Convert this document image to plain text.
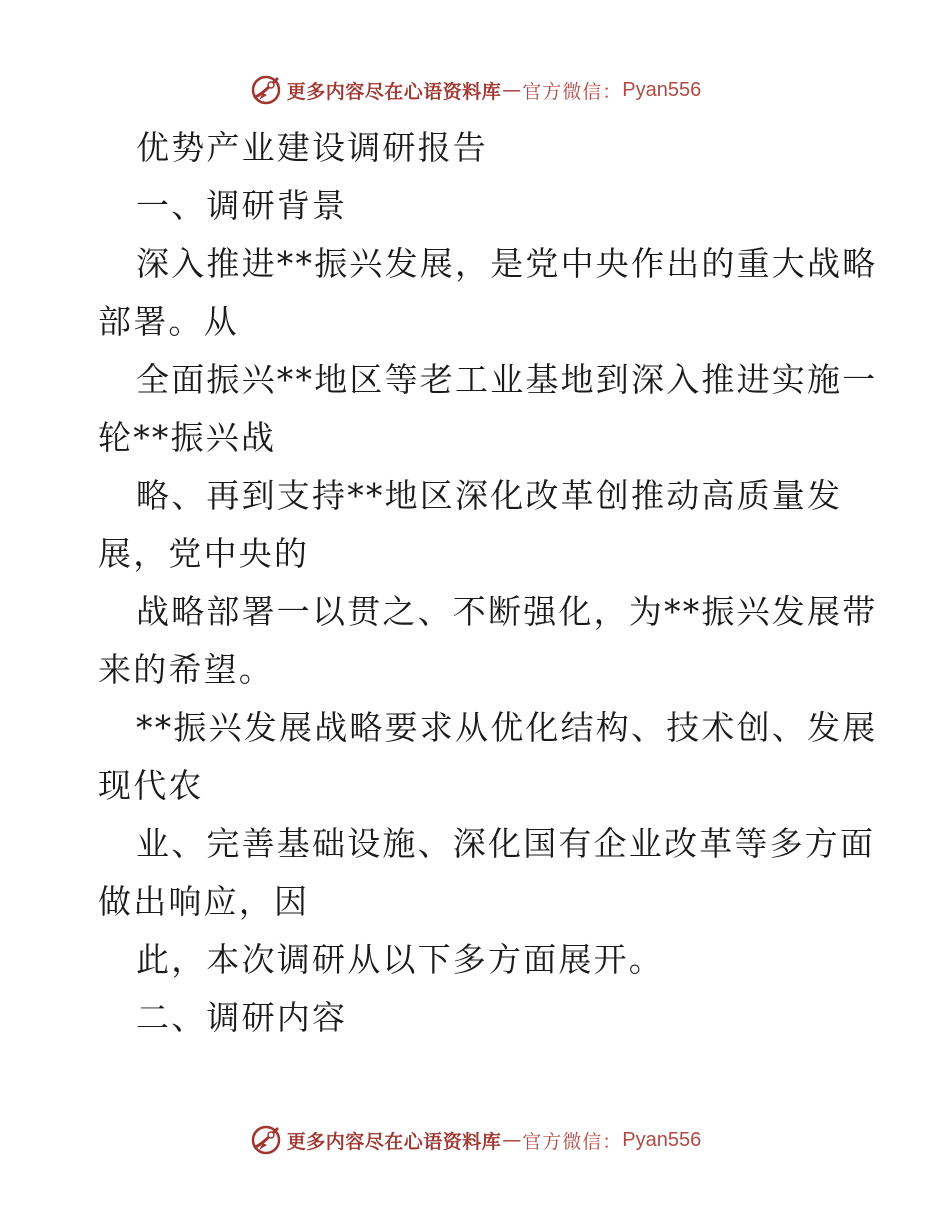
更多内容尽在心语资料库 — 官方微信： Pyan556
优势产业建设调研报告
一、调研背景
深入推进**振兴发展，是党中央作出的重大战略
部署。从
全面振兴**地区等老工业基地到深入推进实施一
轮**振兴战
略、再到支持**地区深化改革创推动高质量发
展，党中央的
战略部署一以贯之、不断强化，为**振兴发展带
来的希望。
**振兴发展战略要求从优化结构、技术创、发展
现代农
业、完善基础设施、深化国有企业改革等多方面
做出响应，因
此，本次调研从以下多方面展开。
二、调研内容
更多内容尽在心语资料库 — 官方微信： Pyan556
